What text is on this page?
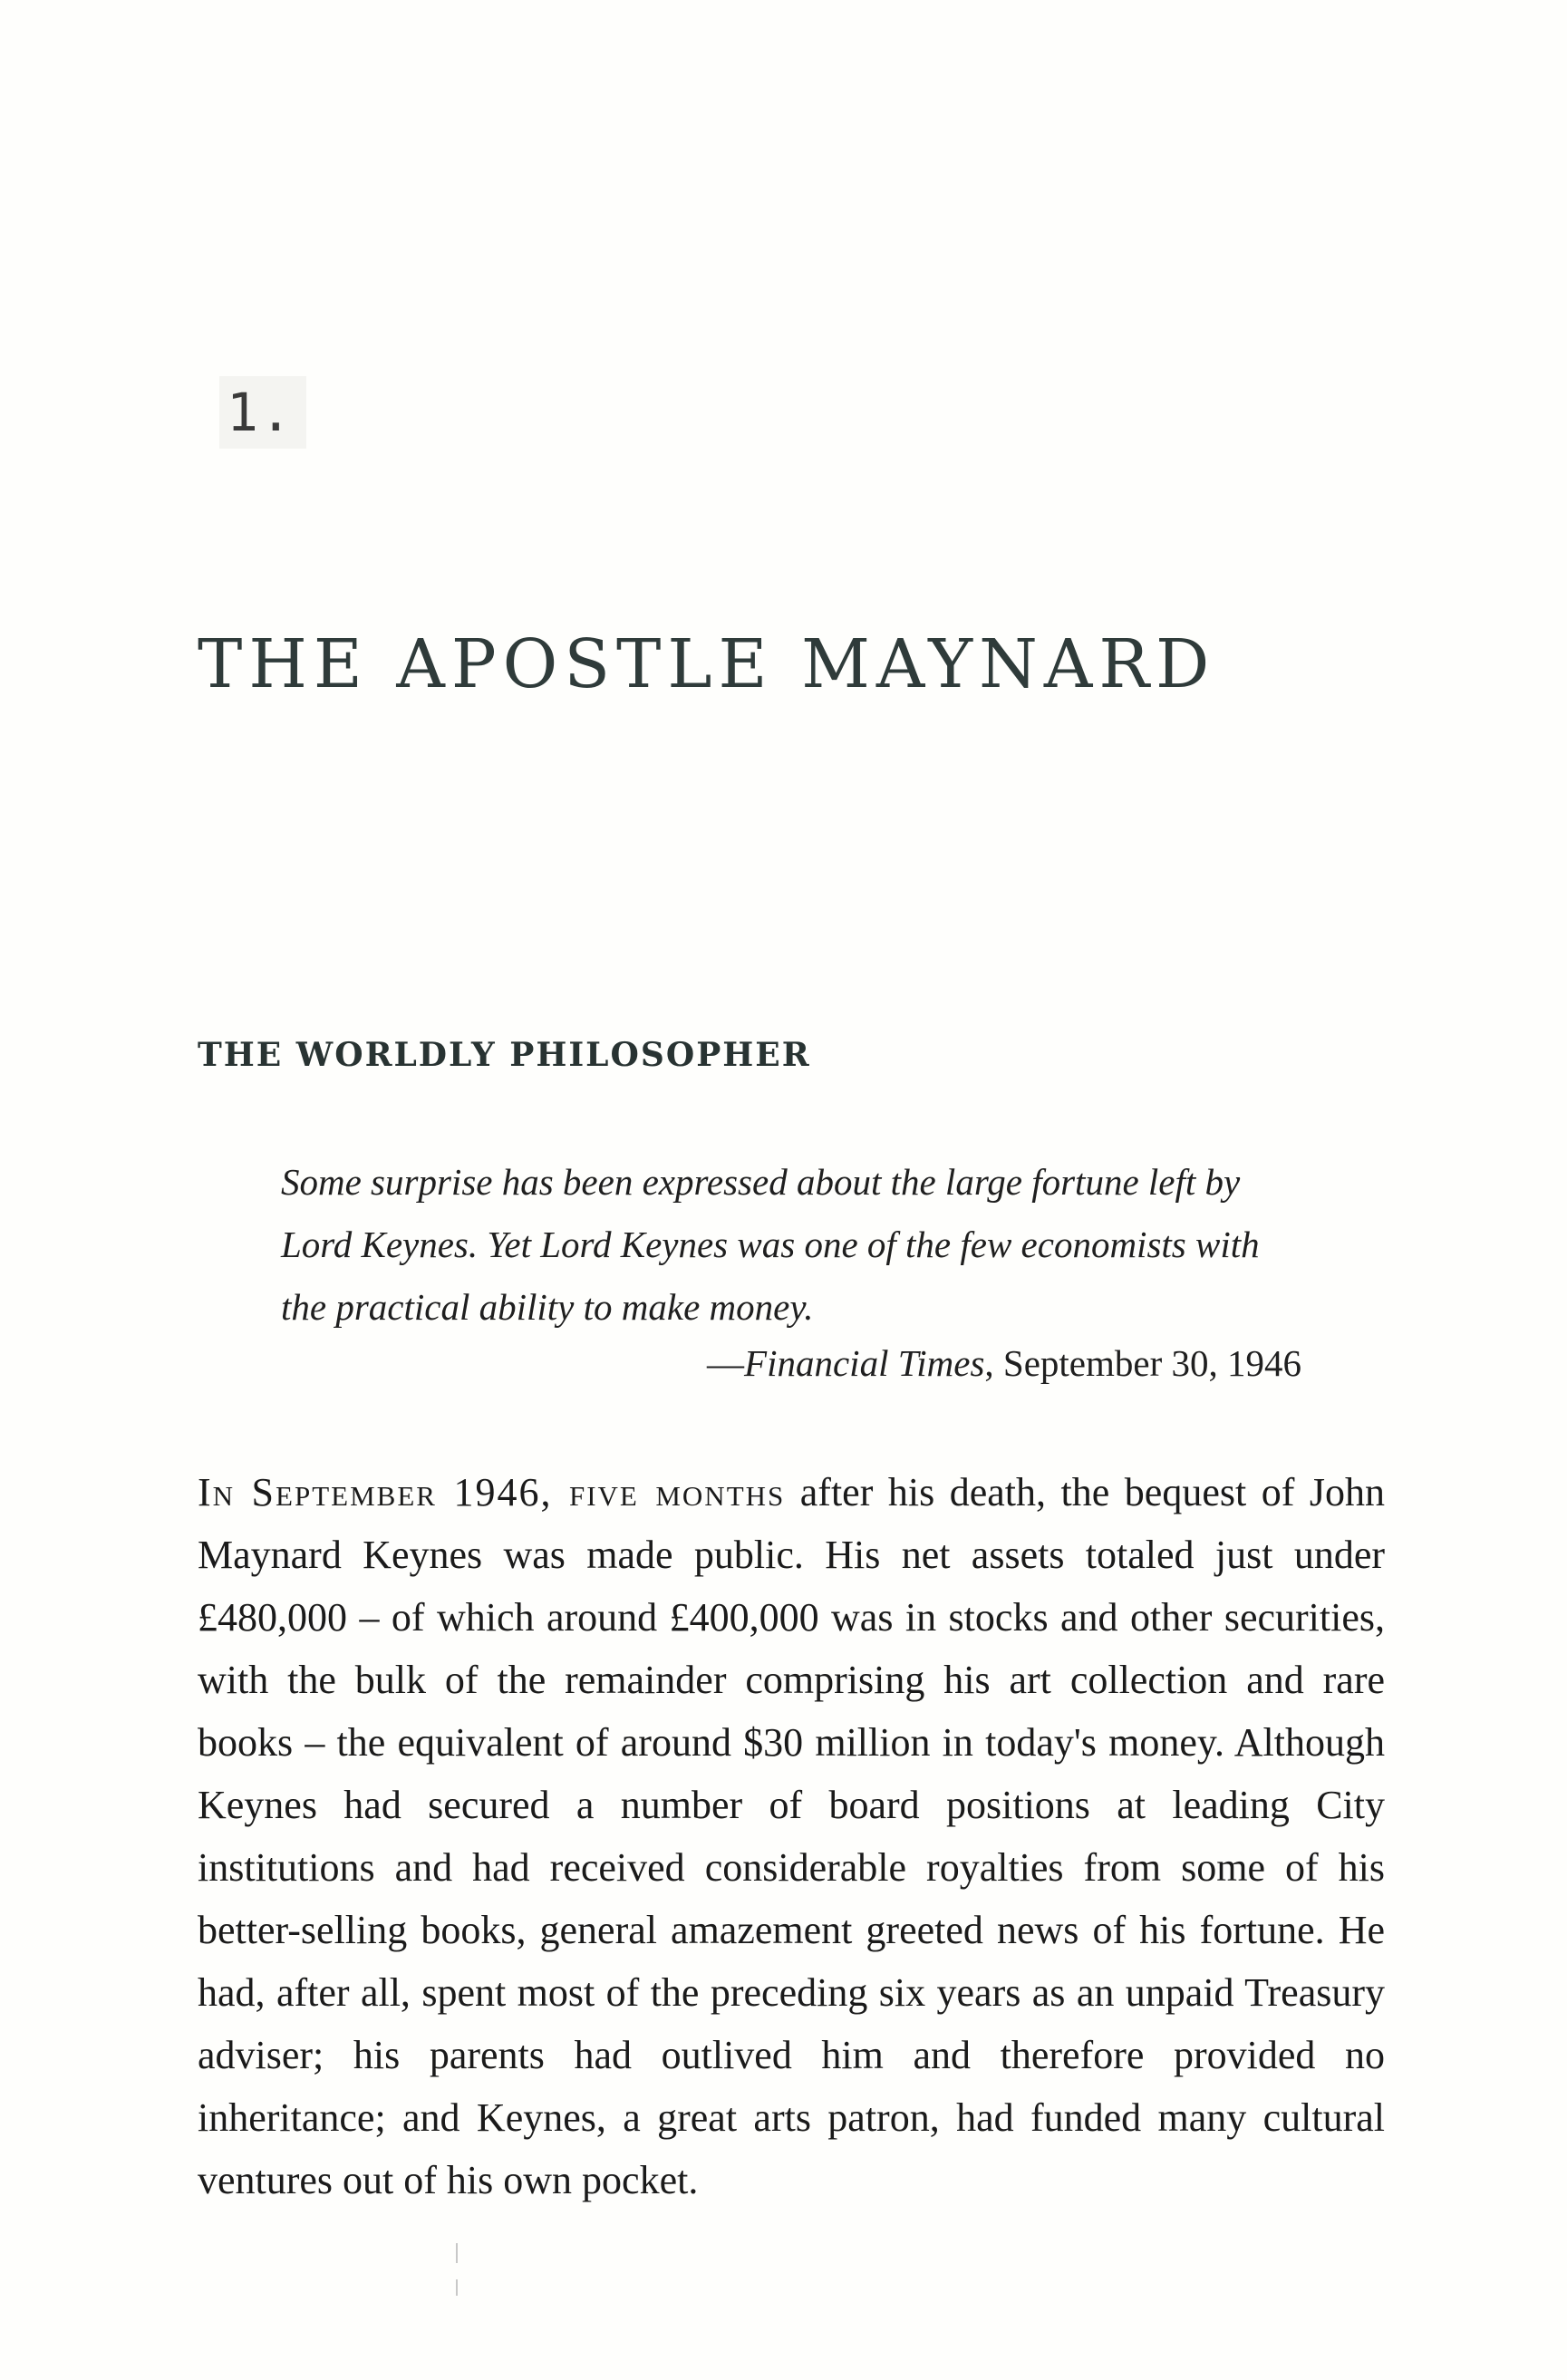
1.
THE APOSTLE MAYNARD
THE WORLDLY PHILOSOPHER
Some surprise has been expressed about the large fortune left by Lord Keynes. Yet Lord Keynes was one of the few economists with the practical ability to make money.
—Financial Times, September 30, 1946
In September 1946, five months after his death, the bequest of John Maynard Keynes was made public. His net assets totaled just under £480,000 – of which around £400,000 was in stocks and other securities, with the bulk of the remainder comprising his art collection and rare books – the equivalent of around $30 million in today's money. Although Keynes had secured a number of board positions at leading City institutions and had received considerable royalties from some of his better-selling books, general amazement greeted news of his fortune. He had, after all, spent most of the preceding six years as an unpaid Treasury adviser; his parents had outlived him and therefore provided no inheritance; and Keynes, a great arts patron, had funded many cultural ventures out of his own pocket.
